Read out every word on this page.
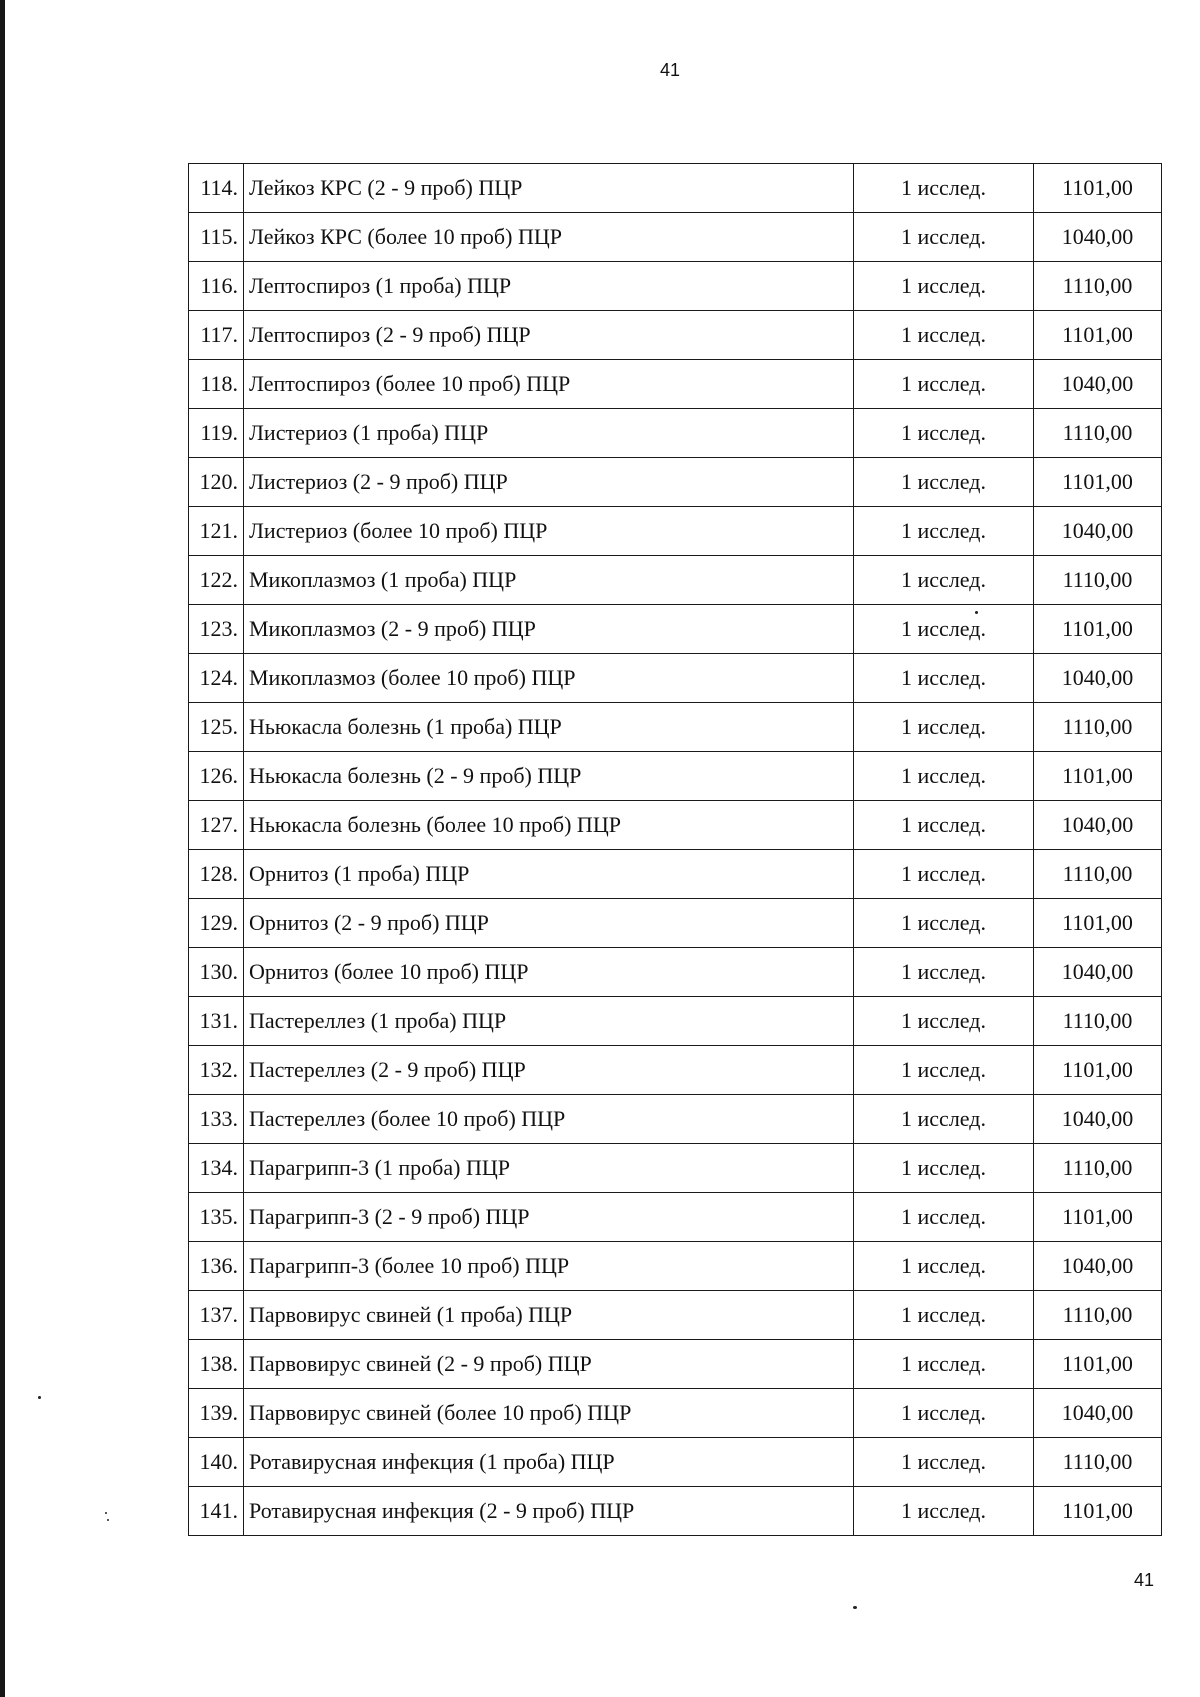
41
114.	Лейкоз КРС (2 - 9 проб) ПЦР	1 исслед.	1101,00
115.	Лейкоз КРС (более 10 проб) ПЦР	1 исслед.	1040,00
116.	Лептоспироз (1 проба) ПЦР	1 исслед.	1110,00
117.	Лептоспироз (2 - 9 проб) ПЦР	1 исслед.	1101,00
118.	Лептоспироз (более 10 проб) ПЦР	1 исслед.	1040,00
119.	Листериоз (1 проба) ПЦР	1 исслед.	1110,00
120.	Листериоз (2 - 9 проб) ПЦР	1 исслед.	1101,00
121.	Листериоз (более 10 проб) ПЦР	1 исслед.	1040,00
122.	Микоплазмоз (1 проба) ПЦР	1 исслед.	1110,00
123.	Микоплазмоз (2 - 9 проб) ПЦР	1 исслед.	1101,00
124.	Микоплазмоз (более 10 проб) ПЦР	1 исслед.	1040,00
125.	Ньюкасла болезнь (1 проба) ПЦР	1 исслед.	1110,00
126.	Ньюкасла болезнь (2 - 9 проб) ПЦР	1 исслед.	1101,00
127.	Ньюкасла болезнь (более 10 проб) ПЦР	1 исслед.	1040,00
128.	Орнитоз (1 проба) ПЦР	1 исслед.	1110,00
129.	Орнитоз (2 - 9 проб) ПЦР	1 исслед.	1101,00
130.	Орнитоз (более 10 проб) ПЦР	1 исслед.	1040,00
131.	Пастереллез (1 проба) ПЦР	1 исслед.	1110,00
132.	Пастереллез (2 - 9 проб) ПЦР	1 исслед.	1101,00
133.	Пастереллез (более 10 проб) ПЦР	1 исслед.	1040,00
134.	Парагрипп-3 (1 проба) ПЦР	1 исслед.	1110,00
135.	Парагрипп-3 (2 - 9 проб) ПЦР	1 исслед.	1101,00
136.	Парагрипп-3 (более 10 проб) ПЦР	1 исслед.	1040,00
137.	Парвовирус свиней (1 проба) ПЦР	1 исслед.	1110,00
138.	Парвовирус свиней (2 - 9 проб) ПЦР	1 исслед.	1101,00
139.	Парвовирус свиней (более 10 проб) ПЦР	1 исслед.	1040,00
140.	Ротавирусная инфекция (1 проба) ПЦР	1 исслед.	1110,00
141.	Ротавирусная инфекция (2 - 9 проб) ПЦР	1 исслед.	1101,00
41
